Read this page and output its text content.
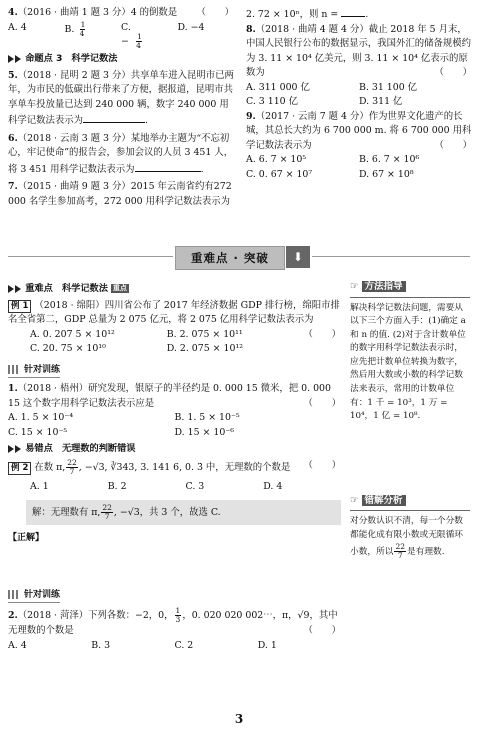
4.（2016 · 曲靖 1 题 3 分）4 的倒数是 （　　）

A. 4	B. $\frac{1}{4}$	C. − $\frac{1}{4}$
D. −4
命题点 3　科学记数法

5.（2018 · 昆明 2 题 3 分）共享单车进入昆明市已两年，为市民的低碳出行带来了方便，据报道，昆明市共享单车投放量已达到 240 000 辆，数字 240 000 用科学记数法表示为	.

6.（2018 · 云南 3 题 3 分）某地举办主题为“不忘初心，牢记使命”的报告会，参加会议的人员 3 451 人，将 3 451 用科学记数法表示为	.

7.（2015 · 曲靖 9 题 3 分）2015 年云南省约有272 000 名学生参加高考，272 000 用科学记数法表示为

2. 72 × 10ⁿ，则 n =	.

8.（2018 · 曲靖 4 题 4 分）截止 2018 年 5 月末，中国人民银行公布的数据显示，我国外汇的储备规模约为 3. 11 × 10⁴ 亿美元，则 3. 11 × 10⁴ 亿表示的原数为	（　　）

A. 311 000 亿	B. 31 100 亿
C. 3 110 亿	D. 311 亿

9.（2017 · 云南 7 题 4 分）作为世界文化遗产的长城，其总长大约为 6 700 000 m. 将 6 700 000 用科学记数法表示为	（　　）

A. 6. 7 × 10⁵	B. 6. 7 × 10⁶
C. 0. 67 × 10⁷	D. 67 × 10⁸
重难点 · 突破	⬇
重难点　科学记数法 重点

例 1 （2018 · 绵阳）四川省公布了 2017 年经济数据 GDP 排行榜，绵阳市排名全省第二，GDP 总量为 2 075 亿元，将 2 075 亿用科学记数法表示为
（　　）

A. 0. 207 5 × 10¹²	B. 2. 075 × 10¹¹
C. 20. 75 × 10¹⁰	D. 2. 075 × 10¹²
针对训练

1.（2018 · 梧州）研究发现，银原子的半径约是 0. 000 15 微米，把 0. 000 15 这个数字用科学记数法表示应是	（　　）

A. 1. 5 × 10⁻⁴	B. 1. 5 × 10⁻⁵
C. 15 × 10⁻⁵	D. 15 × 10⁻⁶
易错点　无理数的判断错误

例 2 在数 π, $\frac{22}{7}$ , −√3, ∛343, 3. 141 6, 0. 3̇ 中，无理数的个数是 （　　）

A. 1	B. 2	C. 3	D. 4
解：无理数有 π, $\frac{22}{7}$ , −√3，共 3 个，故选 C.
【正解】
针对训练

2.（2018 · 菏泽）下列各数：−2，0， $\frac{1}{3}$ ，0. 020 020 002⋯，π，√9，其中无理数的个数是	（　　）

A. 4	B. 3	C. 2	D. 1
☞ 方法指导
解决科学记数法问题，需要从以下三个方面入手：(1)确定 a 和 n 的值. (2)对于含计数单位的数字用科学记数法表示时，应先把计数单位转换为数字，然后用大数或小数的科学记数法来表示，常用的计数单位有：1 千 = 10³，1 万 = 10⁴，1 亿 = 10⁸.
☞ 错解分析
对分数认识不清，每一个分数都能化成有限小数或无限循环小数，所以 $\frac{22}{7}$ 是有理数.
3
